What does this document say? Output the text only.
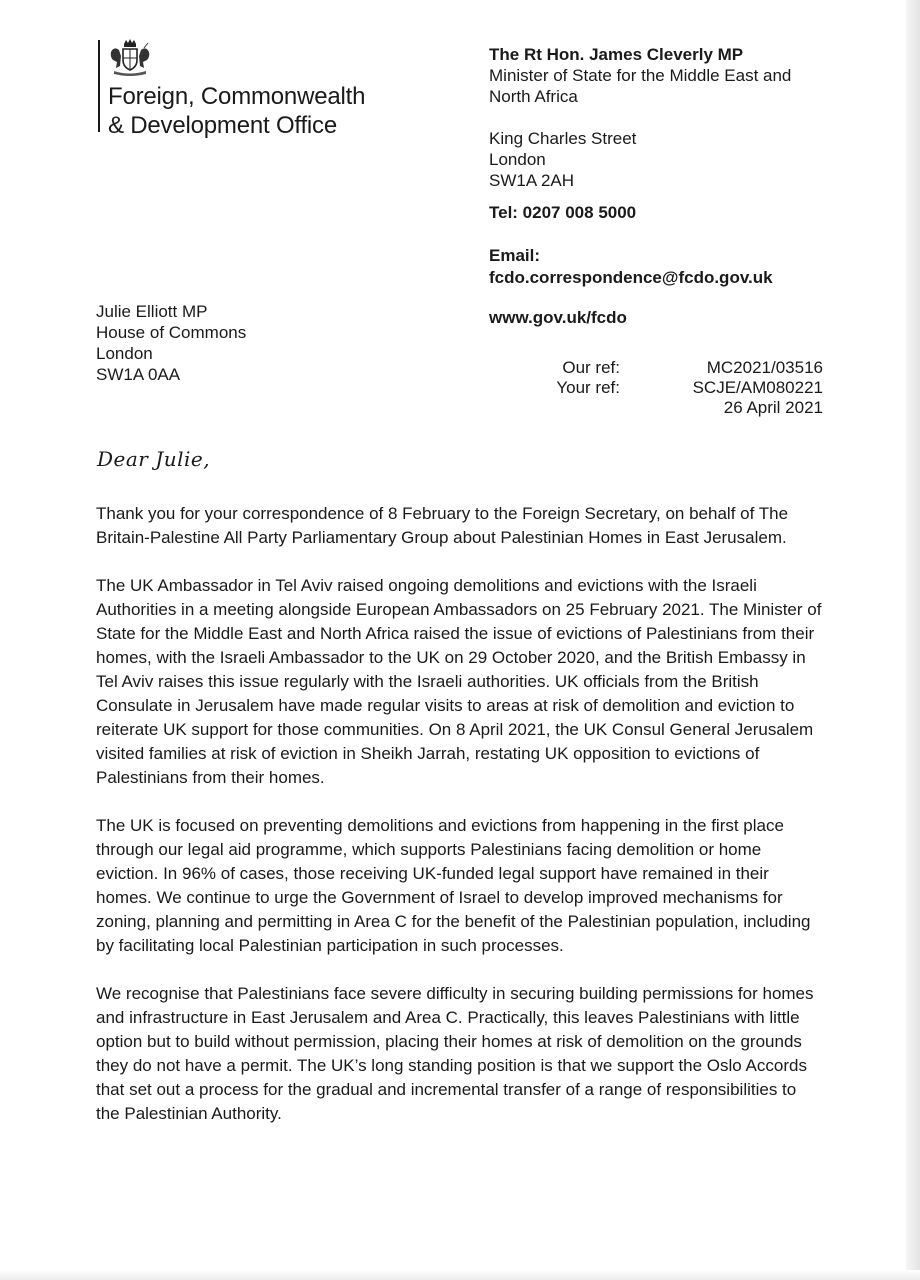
Foreign, Commonwealth
& Development Office
The Rt Hon. James Cleverly MP
Minister of State for the Middle East and
North Africa
King Charles Street
London
SW1A 2AH
Tel: 0207 008 5000
Email:
fcdo.correspondence@fcdo.gov.uk
www.gov.uk/fcdo
Julie Elliott MP
House of Commons
London
SW1A 0AA	Our ref:
Your ref:
MC2021/03516
SCJE/AM080221
26 April 2021
Dear Julie,

Thank you for your correspondence of 8 February to the Foreign Secretary, on behalf of The Britain-Palestine All Party Parliamentary Group about Palestinian Homes in East Jerusalem.

The UK Ambassador in Tel Aviv raised ongoing demolitions and evictions with the Israeli Authorities in a meeting alongside European Ambassadors on 25 February 2021. The Minister of State for the Middle East and North Africa raised the issue of evictions of Palestinians from their homes, with the Israeli Ambassador to the UK on 29 October 2020, and the British Embassy in Tel Aviv raises this issue regularly with the Israeli authorities. UK officials from the British Consulate in Jerusalem have made regular visits to areas at risk of demolition and eviction to reiterate UK support for those communities. On 8 April 2021, the UK Consul General Jerusalem visited families at risk of eviction in Sheikh Jarrah, restating UK opposition to evictions of Palestinians from their homes.

The UK is focused on preventing demolitions and evictions from happening in the first place through our legal aid programme, which supports Palestinians facing demolition or home eviction. In 96% of cases, those receiving UK-funded legal support have remained in their homes. We continue to urge the Government of Israel to develop improved mechanisms for zoning, planning and permitting in Area C for the benefit of the Palestinian population, including by facilitating local Palestinian participation in such processes.

We recognise that Palestinians face severe difficulty in securing building permissions for homes and infrastructure in East Jerusalem and Area C. Practically, this leaves Palestinians with little option but to build without permission, placing their homes at risk of demolition on the grounds they do not have a permit. The UK’s long standing position is that we support the Oslo Accords that set out a process for the gradual and incremental transfer of a range of responsibilities to the Palestinian Authority.
